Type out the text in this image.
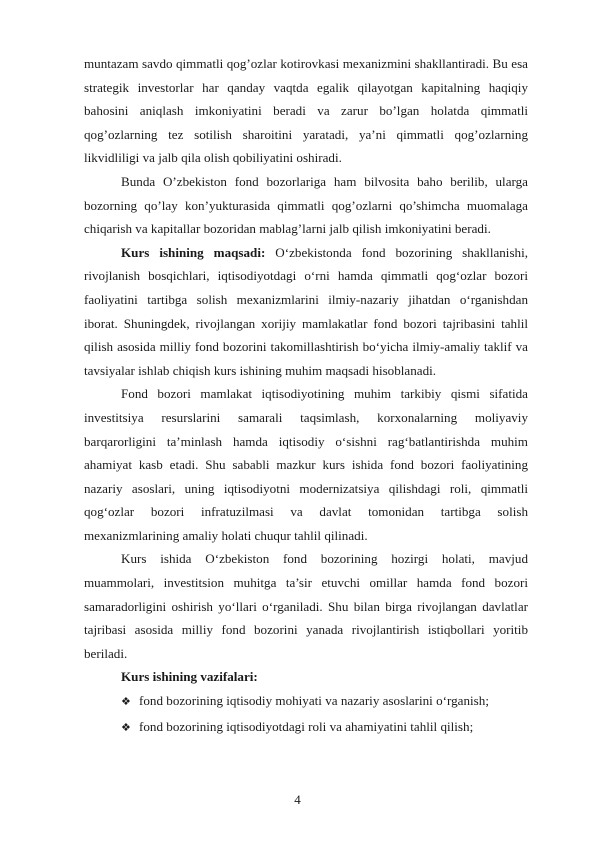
muntazam savdo qimmatli qog’ozlar kotirovkasi mexanizmini shakllantiradi. Bu esa strategik investorlar har qanday vaqtda egalik qilayotgan kapitalning haqiqiy bahosini aniqlash imkoniyatini beradi va zarur bo’lgan holatda qimmatli qog’ozlarning tez sotilish sharoitini yaratadi, ya’ni qimmatli qog’ozlarning likvidliligi va jalb qila olish qobiliyatini oshiradi.

Bunda O’zbekiston fond bozorlariga ham bilvosita baho berilib, ularga bozorning qo’lay kon’yukturasida qimmatli qog’ozlarni qo’shimcha muomalaga chiqarish va kapitallar bozoridan mablag’larni jalb qilish imkoniyatini beradi.

Kurs ishining maqsadi: O‘zbekistonda fond bozorining shakllanishi, rivojlanish bosqichlari, iqtisodiyotdagi o‘rni hamda qimmatli qog‘ozlar bozori faoliyatini tartibga solish mexanizmlarini ilmiy-nazariy jihatdan o‘rganishdan iborat. Shuningdek, rivojlangan xorijiy mamlakatlar fond bozori tajribasini tahlil qilish asosida milliy fond bozorini takomillashtirish bo‘yicha ilmiy-amaliy taklif va tavsiyalar ishlab chiqish kurs ishining muhim maqsadi hisoblanadi.

Fond bozori mamlakat iqtisodiyotining muhim tarkibiy qismi sifatida investitsiya resurslarini samarali taqsimlash, korxonalarning moliyaviy barqarorligini ta’minlash hamda iqtisodiy o‘sishni rag‘batlantirishda muhim ahamiyat kasb etadi. Shu sababli mazkur kurs ishida fond bozori faoliyatining nazariy asoslari, uning iqtisodiyotni modernizatsiya qilishdagi roli, qimmatli qog‘ozlar bozori infratuzilmasi va davlat tomonidan tartibga solish mexanizmlarining amaliy holati chuqur tahlil qilinadi.

Kurs ishida O‘zbekiston fond bozorining hozirgi holati, mavjud muammolari, investitsion muhitga ta’sir etuvchi omillar hamda fond bozori samaradorligini oshirish yo‘llari o‘rganiladi. Shu bilan birga rivojlangan davlatlar tajribasi asosida milliy fond bozorini yanada rivojlantirish istiqbollari yoritib beriladi.

Kurs ishining vazifalari:

❖ fond bozorining iqtisodiy mohiyati va nazariy asoslarini o‘rganish;
❖ fond bozorining iqtisodiyotdagi roli va ahamiyatini tahlil qilish;
4
